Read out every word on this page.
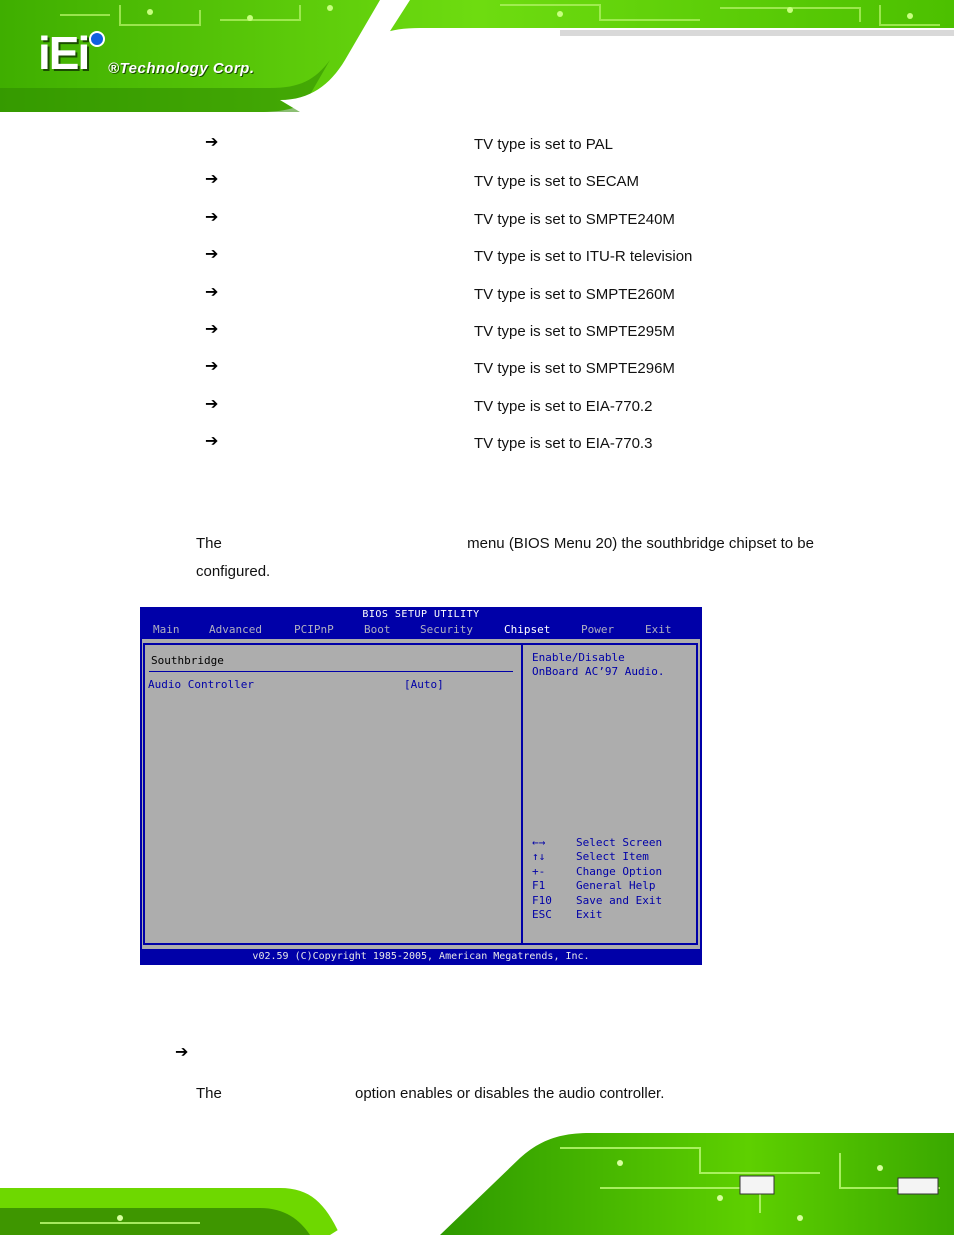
iEi ®Technology Corp.
➔	TV type is set to PAL
➔	TV type is set to SECAM
➔	TV type is set to SMPTE240M
➔	TV type is set to ITU-R television
➔	TV type is set to SMPTE260M
➔	TV type is set to SMPTE295M
➔	TV type is set to SMPTE296M
➔	TV type is set to EIA-770.2
➔	TV type is set to EIA-770.3
The	menu (BIOS Menu 20) the southbridge chipset to be
configured.
BIOS SETUP UTILITY
Main	Advanced	PCIPnP	Boot	Security	Chipset	Power	Exit
Southbridge
Audio Controller	[Auto]
Enable/Disable
OnBoard AC’97 Audio.
←→	Select Screen
↑↓	Select Item
+-	Change Option
F1	General Help
F10 Save and Exit
ESC Exit
v02.59 (C)Copyright 1985-2005, American Megatrends, Inc.
➔
The	option enables or disables the audio controller.
